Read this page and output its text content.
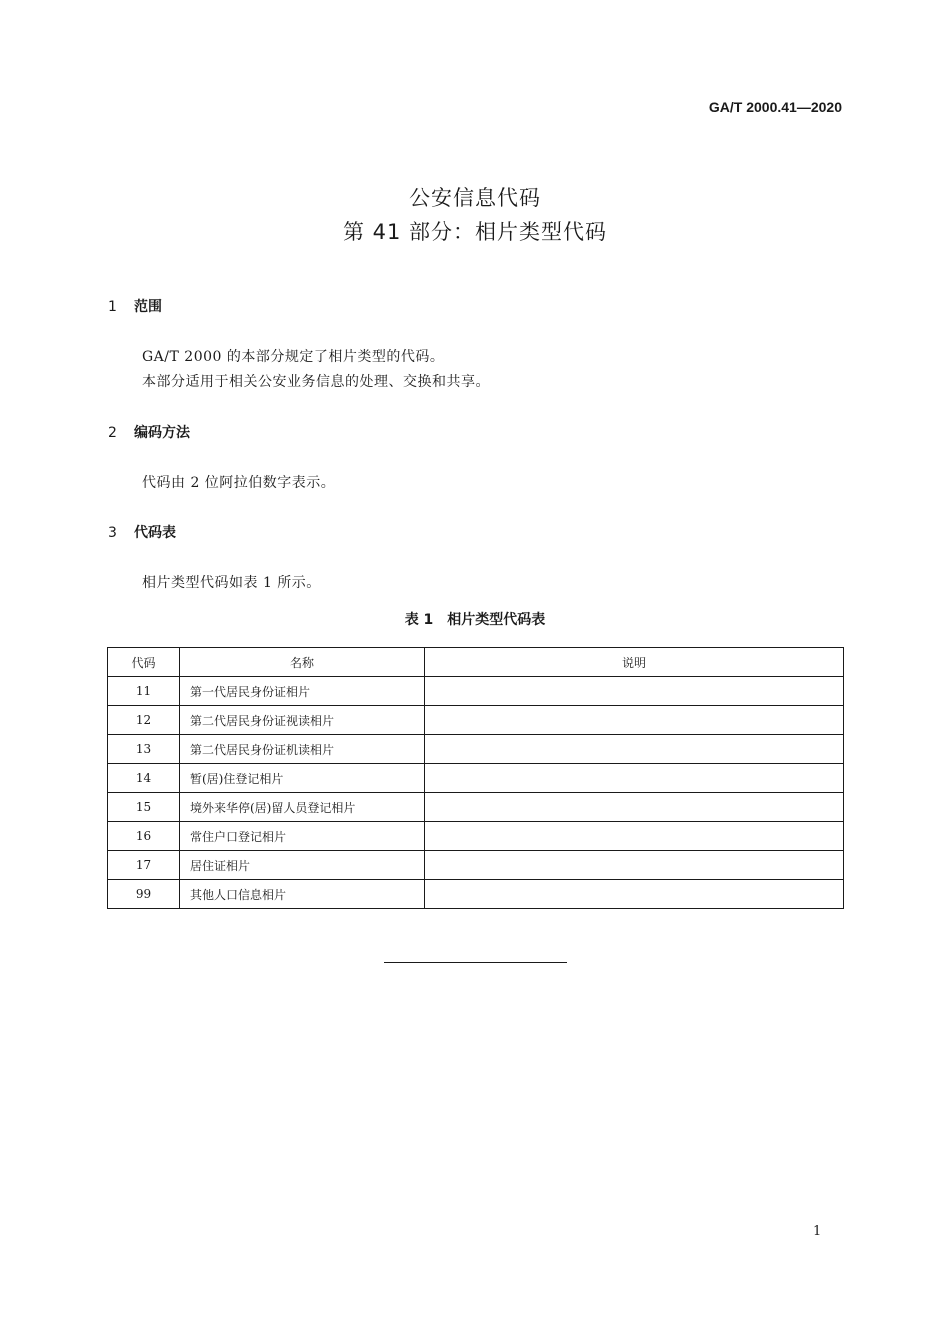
GA/T 2000.41—2020
公安信息代码
第 41 部分：相片类型代码
1 范围
GA/T 2000 的本部分规定了相片类型的代码。
本部分适用于相关公安业务信息的处理、交换和共享。
2 编码方法
代码由 2 位阿拉伯数字表示。
3 代码表
相片类型代码如表 1 所示。
表 1　相片类型代码表
代码	名称	说明
11	第一代居民身份证相片	
12	第二代居民身份证视读相片	
13	第二代居民身份证机读相片	
14	暂(居)住登记相片	
15	境外来华停(居)留人员登记相片	
16	常住户口登记相片	
17	居住证相片	
99	其他人口信息相片	
1
